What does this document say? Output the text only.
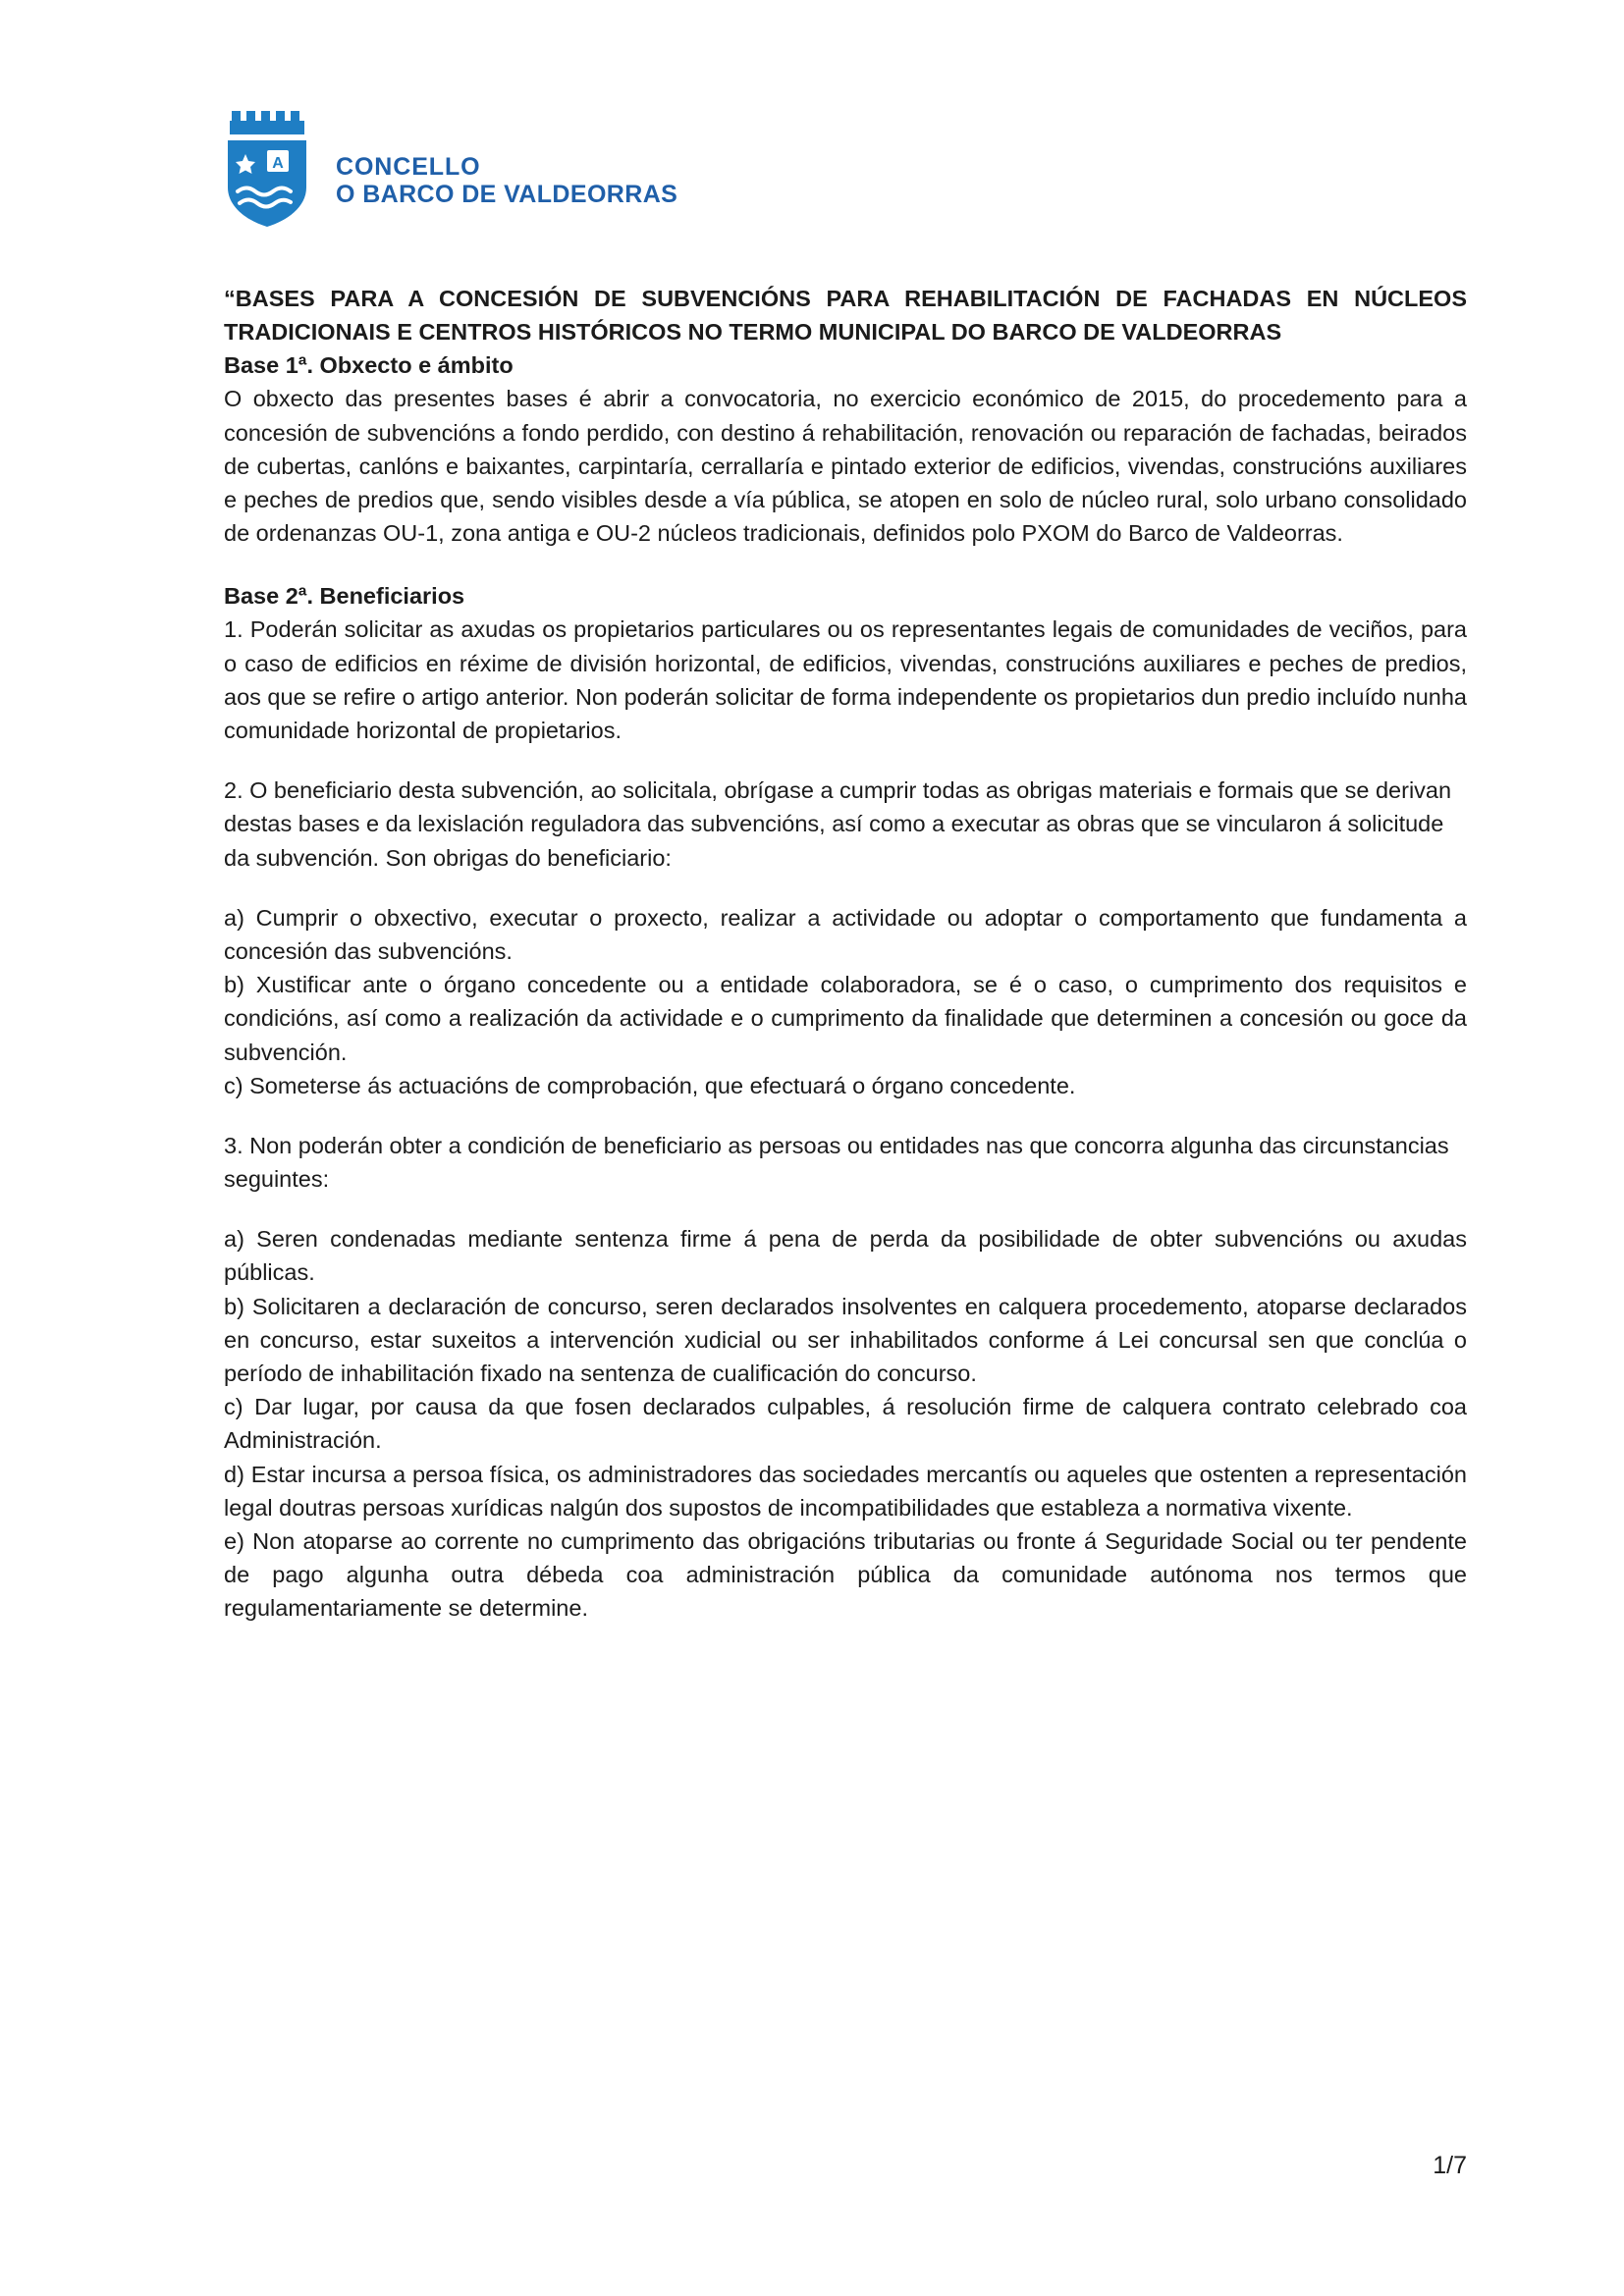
A CONCELLO
O BARCO DE VALDEORRAS

“BASES PARA A CONCESIÓN DE SUBVENCIÓNS PARA REHABILITACIÓN DE FACHADAS EN NÚCLEOS TRADICIONAIS E CENTROS HISTÓRICOS NO TERMO MUNICIPAL DO BARCO DE VALDEORRAS

Base 1ª. Obxecto e ámbito

O obxecto das presentes bases é abrir a convocatoria, no exercicio económico de 2015, do procedemento para a concesión de subvencións a fondo perdido, con destino á rehabilitación, renovación ou reparación de fachadas, beirados de cubertas, canlóns e baixantes, carpintaría, cerrallaría e pintado exterior de edificios, vivendas, construcións auxiliares e peches de predios que, sendo visibles desde a vía pública, se atopen en solo de núcleo rural, solo urbano consolidado de ordenanzas OU-1, zona antiga e OU-2 núcleos tradicionais, definidos polo PXOM do Barco de Valdeorras.

Base 2ª. Beneficiarios

1. Poderán solicitar as axudas os propietarios particulares ou os representantes legais de comunidades de veciños, para o caso de edificios en réxime de división horizontal, de edificios, vivendas, construcións auxiliares e peches de predios, aos que se refire o artigo anterior. Non poderán solicitar de forma independente os propietarios dun predio incluído nunha comunidade horizontal de propietarios.

2. O beneficiario desta subvención, ao solicitala, obrígase a cumprir todas as obrigas materiais e formais que se derivan destas bases e da lexislación reguladora das subvencións, así como a executar as obras que se vincularon á solicitude da subvención. Son obrigas do beneficiario:

a) Cumprir o obxectivo, executar o proxecto, realizar a actividade ou adoptar o comportamento que fundamenta a concesión das subvencións.

b) Xustificar ante o órgano concedente ou a entidade colaboradora, se é o caso, o cumprimento dos requisitos e condicións, así como a realización da actividade e o cumprimento da finalidade que determinen a concesión ou goce da subvención.

c) Someterse ás actuacións de comprobación, que efectuará o órgano concedente.

3. Non poderán obter a condición de beneficiario as persoas ou entidades nas que concorra algunha das circunstancias seguintes:

a) Seren condenadas mediante sentenza firme á pena de perda da posibilidade de obter subvencións ou axudas públicas.

b) Solicitaren a declaración de concurso, seren declarados insolventes en calquera procedemento, atoparse declarados en concurso, estar suxeitos a intervención xudicial ou ser inhabilitados conforme á Lei concursal sen que conclúa o período de inhabilitación fixado na sentenza de cualificación do concurso.

c) Dar lugar, por causa da que fosen declarados culpables, á resolución firme de calquera contrato celebrado coa Administración.

d) Estar incursa a persoa física, os administradores das sociedades mercantís ou aqueles que ostenten a representación legal doutras persoas xurídicas nalgún dos supostos de incompatibilidades que estableza a normativa vixente.

e) Non atoparse ao corrente no cumprimento das obrigacións tributarias ou fronte á Seguridade Social ou ter pendente de pago algunha outra débeda coa administración pública da comunidade autónoma nos termos que regulamentariamente se determine.

1/7
